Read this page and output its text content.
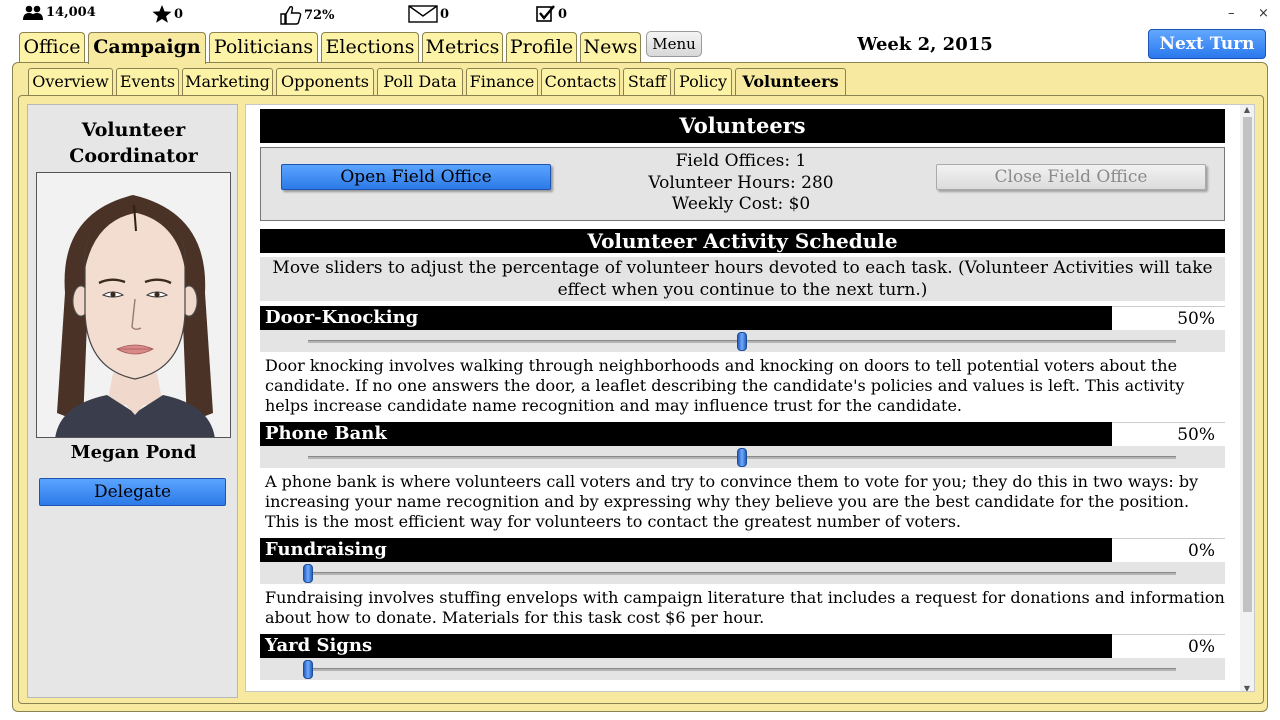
14,004	0	72%	0	0	– ×
Office Campaign Politicians Elections Metrics Profile News Menu	Week 2, 2015	Next Turn
Overview Events Marketing Opponents Poll Data Finance Contacts Staff Policy Volunteers
Volunteer
Coordinator
Megan Pond
Delegate
Volunteers
Open Field Office
Field Offices: 1
Volunteer Hours: 280
Weekly Cost: $0
Close Field Office
Volunteer Activity Schedule
Move sliders to adjust the percentage of volunteer hours devoted to each task. (Volunteer Activities will take effect when you continue to the next turn.)
Door-Knocking	50%
Door knocking involves walking through neighborhoods and knocking on doors to tell potential voters about the candidate. If no one answers the door, a leaflet describing the candidate's policies and values is left. This activity helps increase candidate name recognition and may influence trust for the candidate.
Phone Bank	50%
A phone bank is where volunteers call voters and try to convince them to vote for you; they do this in two ways: by increasing your name recognition and by expressing why they believe you are the best candidate for the position. This is the most efficient way for volunteers to contact the greatest number of voters.
Fundraising	0%
Fundraising involves stuffing envelops with campaign literature that includes a request for donations and information about how to donate. Materials for this task cost $6 per hour.
Yard Signs	0%
▲
▼
